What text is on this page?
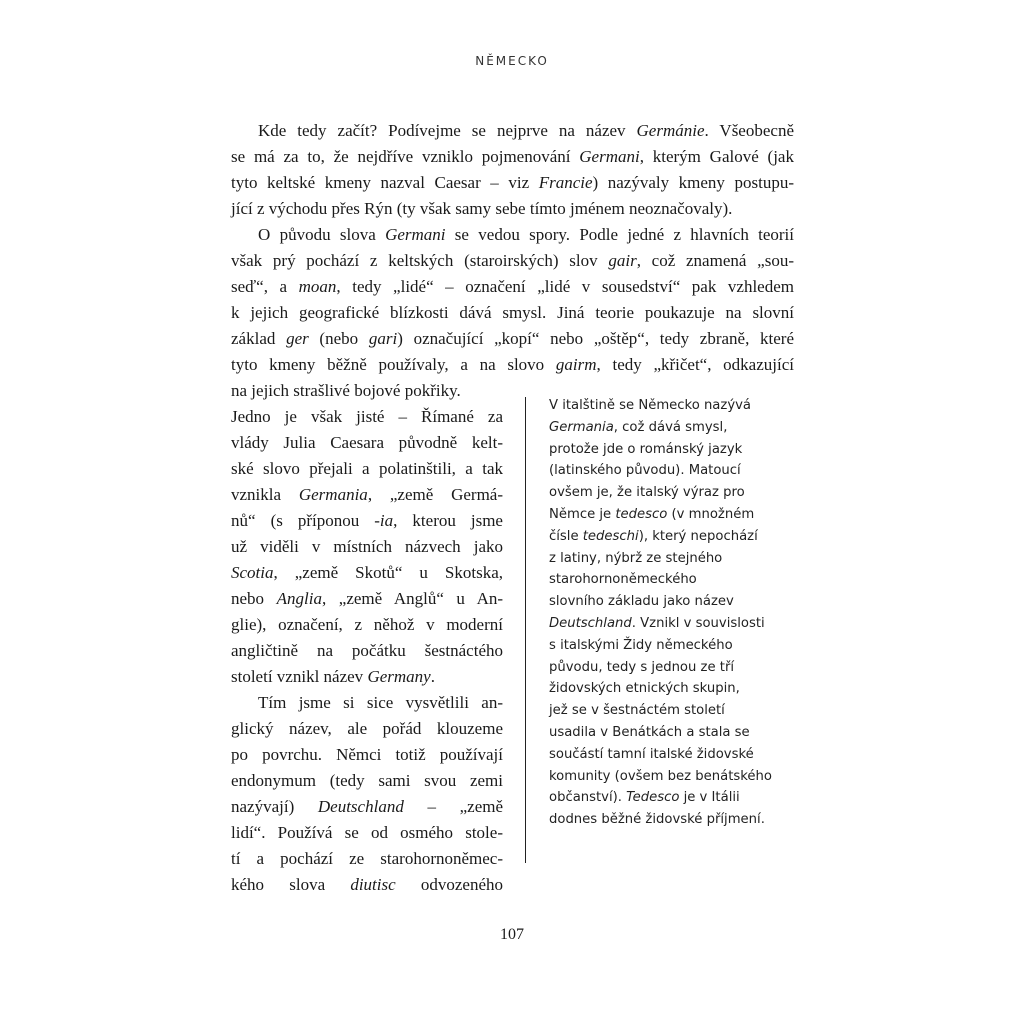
NĚMECKO
Kde tedy začít? Podívejme se nejprve na název Germánie. Všeobecně
se má za to, že nejdříve vzniklo pojmenování Germani, kterým Galové (jak
tyto keltské kmeny nazval Caesar – viz Francie) nazývaly kmeny postupu-
jící z východu přes Rýn (ty však samy sebe tímto jménem neoznačovaly).
O původu slova Germani se vedou spory. Podle jedné z hlavních teorií
však prý pochází z keltských (staroirských) slov gair, což znamená „sou-
seď“, a moan, tedy „lidé“ – označení „lidé v sousedství“ pak vzhledem
k jejich geografické blízkosti dává smysl. Jiná teorie poukazuje na slovní
základ ger (nebo gari) označující „kopí“ nebo „oštěp“, tedy zbraně, které
tyto kmeny běžně používaly, a na slovo gairm, tedy „křičet“, odkazující
na jejich strašlivé bojové pokřiky.
Jedno je však jisté – Římané za
vlády Julia Caesara původně kelt-
ské slovo přejali a polatinštili, a tak
vznikla Germania, „země Germá-
nů“ (s příponou -ia, kterou jsme
už viděli v místních názvech jako
Scotia, „země Skotů“ u Skotska,
nebo Anglia, „země Anglů“ u An-
glie), označení, z něhož v moderní
angličtině na počátku šestnáctého
století vznikl název Germany.
Tím jsme si sice vysvětlili an-
glický název, ale pořád klouzeme
po povrchu. Němci totiž používají
endonymum (tedy sami svou zemi
nazývají) Deutschland – „země
lidí“. Používá se od osmého stole-
tí a pochází ze starohornoněmec-
kého slova diutisc odvozeného
V italštině se Německo nazývá
Germania, což dává smysl,
protože jde o románský jazyk
(latinského původu). Matoucí
ovšem je, že italský výraz pro
Němce je tedesco (v množném
čísle tedeschi), který nepochází
z latiny, nýbrž ze stejného
starohornoněmeckého
slovního základu jako název
Deutschland. Vznikl v souvislosti
s italskými Židy německého
původu, tedy s jednou ze tří
židovských etnických skupin,
jež se v šestnáctém století
usadila v Benátkách a stala se
součástí tamní italské židovské
komunity (ovšem bez benátského
občanství). Tedesco je v Itálii
dodnes běžné židovské příjmení.
107
